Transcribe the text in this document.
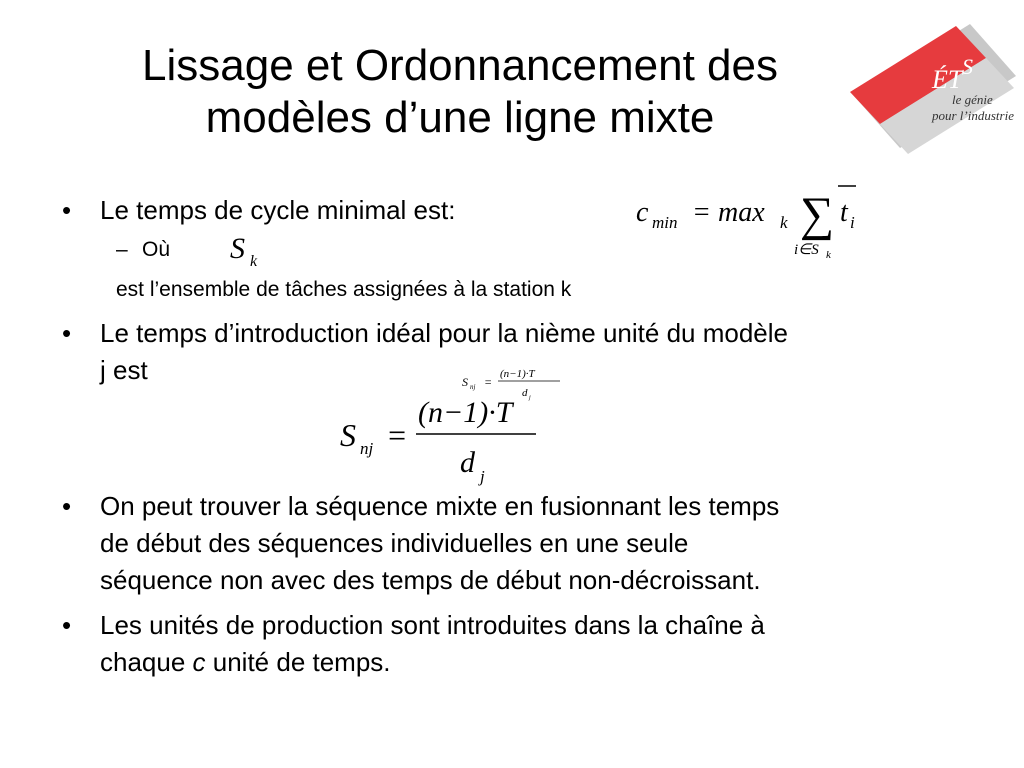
Lissage et Ordonnancement des
modèles d’une ligne mixte
ÉT S
le génie
pour l’industrie
• Le temps de cycle minimal est:	c min = max k ∑ t i
i∈S k
– Où S k
est l’ensemble de tâches assignées à la station k
• Le temps d’introduction idéal pour la nième unité du modèle
j est	S nj =
(n−1)·T
d j
S nj =
(n−1)·T
d j
• On peut trouver la séquence mixte en fusionnant les temps
de début des séquences individuelles en une seule
séquence non avec des temps de début non-décroissant.
• Les unités de production sont introduites dans la chaîne à
chaque c unité de temps.
